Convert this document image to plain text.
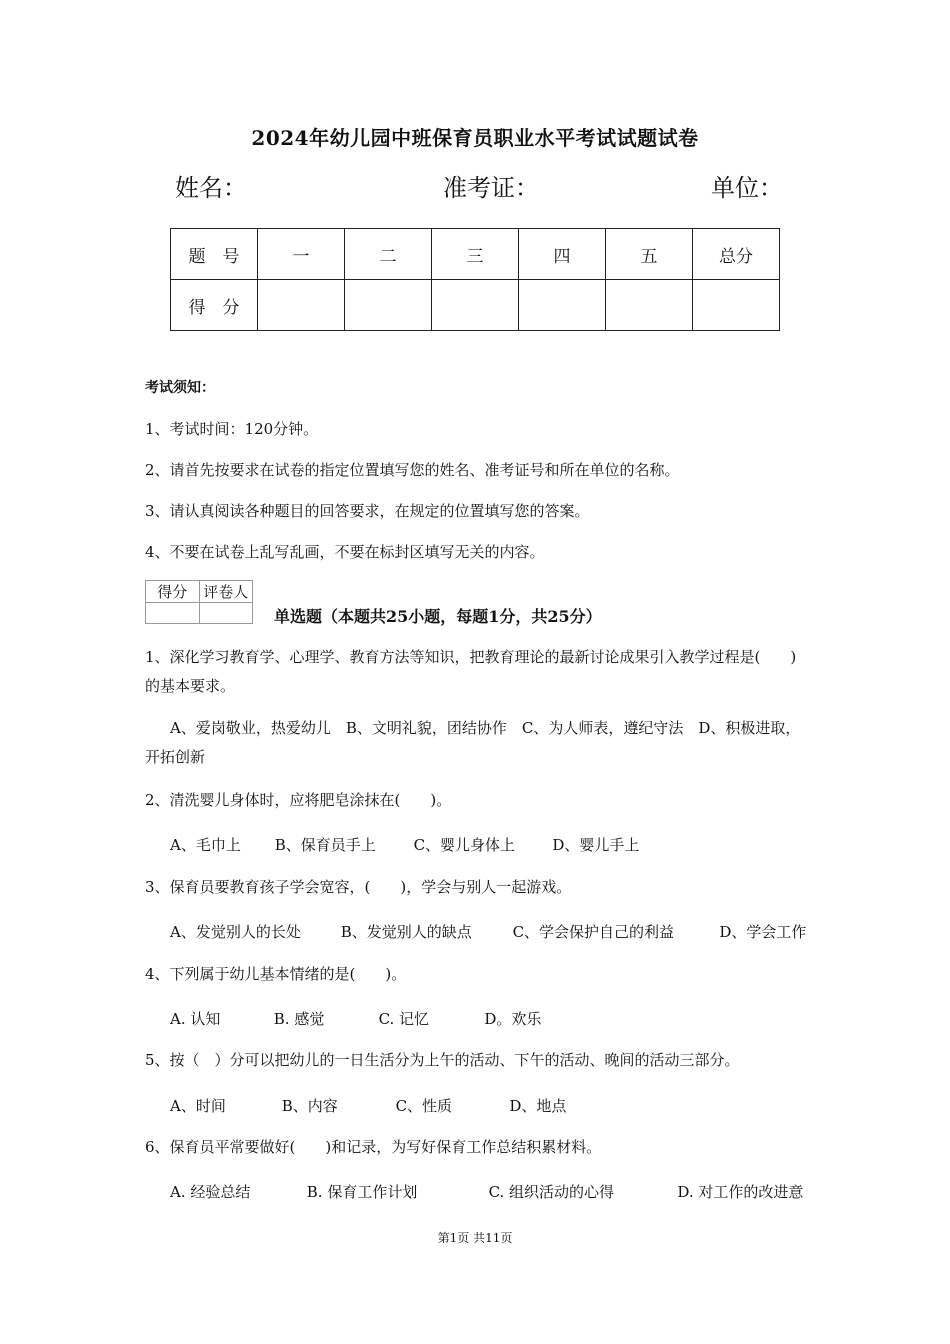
2024年幼儿园中班保育员职业水平考试试题试卷
姓名：	准考证：	单位：
题　号	一	二	三	四	五	总分
得　分						
考试须知：
1、考试时间：120分钟。
2、请首先按要求在试卷的指定位置填写您的姓名、准考证号和所在单位的名称。
3、请认真阅读各种题目的回答要求，在规定的位置填写您的答案。
4、不要在试卷上乱写乱画，不要在标封区填写无关的内容。
得分	评卷人

单选题（本题共25小题，每题1分，共25分）
1、深化学习教育学、心理学、教育方法等知识，把教育理论的最新讨论成果引入教学过程是(　　)的基本要求。
A、爱岗敬业，热爱幼儿　B、文明礼貌，团结协作　C、为人师表，遵纪守法　D、积极进取，开拓创新
2、清洗婴儿身体时，应将肥皂涂抹在(　　)。
A、毛巾上 B、保育员手上	C、婴儿身体上 D、婴儿手上
3、保育员要教育孩子学会宽容，(　　)，学会与别人一起游戏。
A、发觉别人的长处	B、发觉别人的缺点	C、学会保护自己的利益	D、学会工作
4、下列属于幼儿基本情绪的是(　　)。
A. 认知	B. 感觉	C. 记忆	D。欢乐
5、按（　）分可以把幼儿的一日生活分为上午的活动、下午的活动、晚间的活动三部分。
A、时间	B、内容	C、性质	D、地点
6、保育员平常要做好(　　)和记录，为写好保育工作总结积累材料。
A. 经验总结	B. 保育工作计划	C. 组织活动的心得	D. 对工作的改进意
第1页 共11页
